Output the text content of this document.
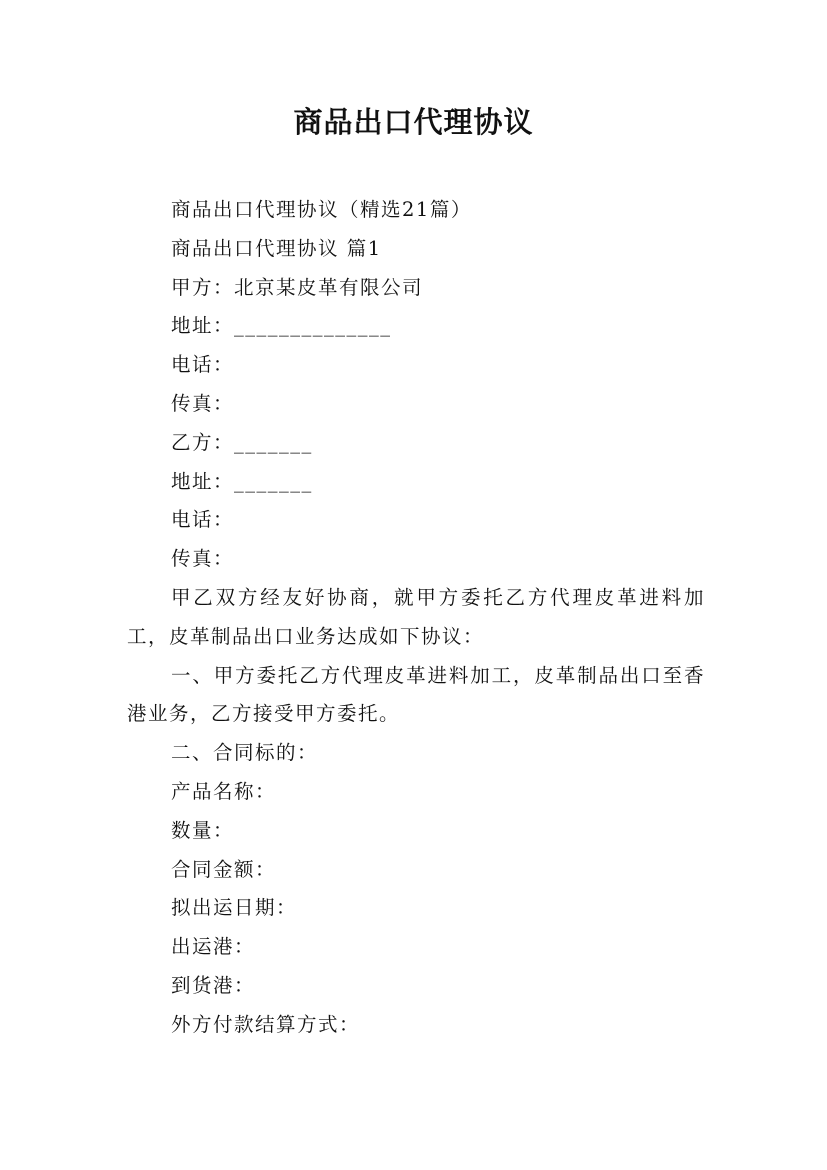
商品出口代理协议

商品出口代理协议（精选21篇）

商品出口代理协议 篇1

甲方：北京某皮革有限公司

地址：______________

电话：

传真：

乙方：_______

地址：_______

电话：

传真：

甲乙双方经友好协商，就甲方委托乙方代理皮革进料加工，皮革制品出口业务达成如下协议：

一、甲方委托乙方代理皮革进料加工，皮革制品出口至香港业务，乙方接受甲方委托。

二、合同标的：

产品名称：

数量：

合同金额：

拟出运日期：

出运港：

到货港：

外方付款结算方式：
